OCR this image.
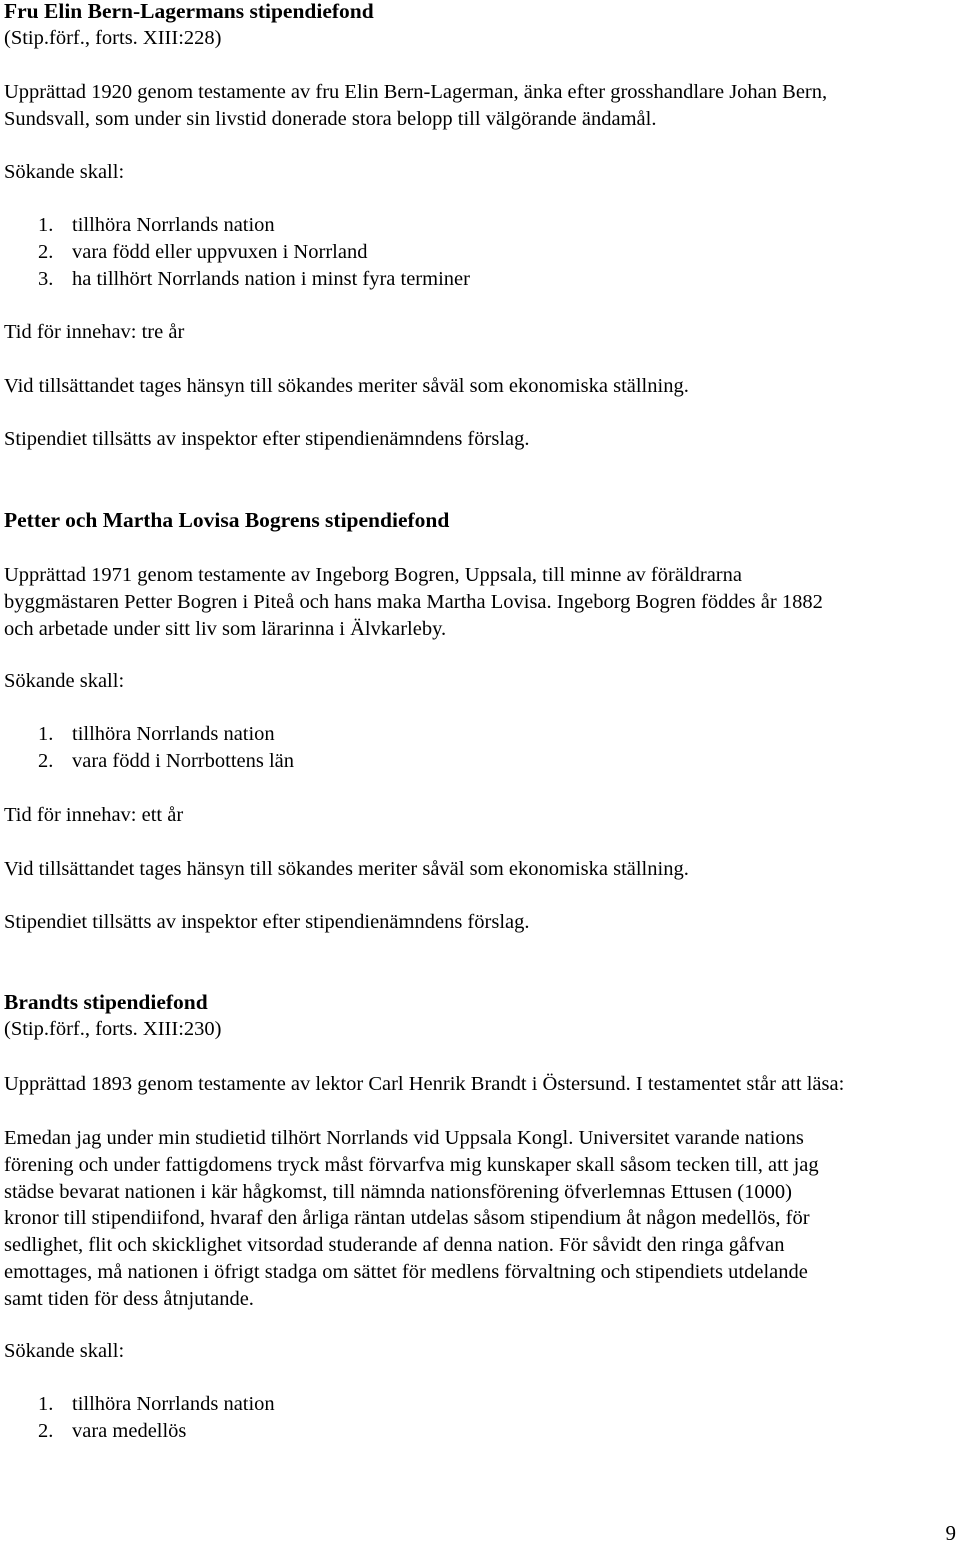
Fru Elin Bern-Lagermans stipendiefond
(Stip.förf., forts. XIII:228)
Upprättad 1920 genom testamente av fru Elin Bern-Lagerman, änka efter grosshandlare Johan Bern,
Sundsvall, som under sin livstid donerade stora belopp till välgörande ändamål.
Sökande skall:
1. tillhöra Norrlands nation
2. vara född eller uppvuxen i Norrland
3. ha tillhört Norrlands nation i minst fyra terminer
Tid för innehav: tre år
Vid tillsättandet tages hänsyn till sökandes meriter såväl som ekonomiska ställning.
Stipendiet tillsätts av inspektor efter stipendienämndens förslag.
Petter och Martha Lovisa Bogrens stipendiefond
Upprättad 1971 genom testamente av Ingeborg Bogren, Uppsala, till minne av föräldrarna
byggmästaren Petter Bogren i Piteå och hans maka Martha Lovisa. Ingeborg Bogren föddes år 1882
och arbetade under sitt liv som lärarinna i Älvkarleby.
Sökande skall:
1. tillhöra Norrlands nation
2. vara född i Norrbottens län
Tid för innehav: ett år
Vid tillsättandet tages hänsyn till sökandes meriter såväl som ekonomiska ställning.
Stipendiet tillsätts av inspektor efter stipendienämndens förslag.
Brandts stipendiefond
(Stip.förf., forts. XIII:230)
Upprättad 1893 genom testamente av lektor Carl Henrik Brandt i Östersund. I testamentet står att läsa:
Emedan jag under min studietid tilhört Norrlands vid Uppsala Kongl. Universitet varande nations
förening och under fattigdomens tryck måst förvarfva mig kunskaper skall såsom tecken till, att jag
städse bevarat nationen i kär hågkomst, till nämnda nationsförening öfverlemnas Ettusen (1000)
kronor till stipendiifond, hvaraf den årliga räntan utdelas såsom stipendium åt någon medellös, för
sedlighet, flit och skicklighet vitsordad studerande af denna nation. För såvidt den ringa gåfvan
emottages, må nationen i öfrigt stadga om sättet för medlens förvaltning och stipendiets utdelande
samt tiden för dess åtnjutande.
Sökande skall:
1. tillhöra Norrlands nation
2. vara medellös
9
